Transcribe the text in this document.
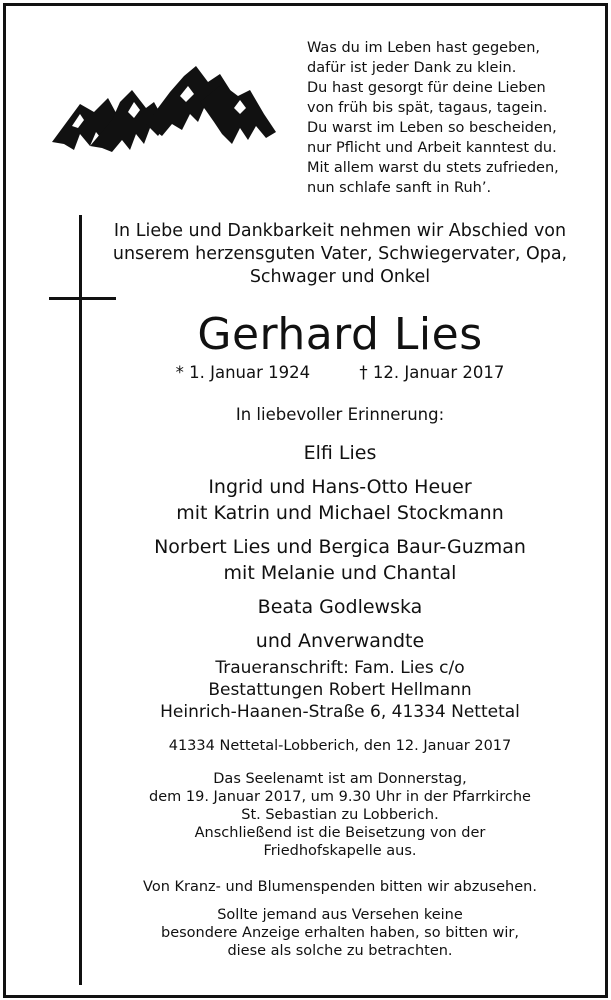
Was du im Leben hast gegeben,
dafür ist jeder Dank zu klein.
Du hast gesorgt für deine Lieben
von früh bis spät, tagaus, tagein.
Du warst im Leben so bescheiden,
nur Pflicht und Arbeit kanntest du.
Mit allem warst du stets zufrieden,
nun schlafe sanft in Ruh’.
In Liebe und Dankbarkeit nehmen wir Abschied von
unserem herzensguten Vater, Schwiegervater, Opa,
Schwager und Onkel
Gerhard Lies
* 1. Januar 1924	† 12. Januar 2017
In liebevoller Erinnerung:
Elfi Lies
Ingrid und Hans-Otto Heuer
mit Katrin und Michael Stockmann
Norbert Lies und Bergica Baur-Guzman
mit Melanie und Chantal
Beata Godlewska
und Anverwandte
Traueranschrift: Fam. Lies c/o
Bestattungen Robert Hellmann
Heinrich-Haanen-Straße 6, 41334 Nettetal
41334 Nettetal-Lobberich, den 12. Januar 2017
Das Seelenamt ist am Donnerstag,
dem 19. Januar 2017, um 9.30 Uhr in der Pfarrkirche
St. Sebastian zu Lobberich.
Anschließend ist die Beisetzung von der
Friedhofskapelle aus.
Von Kranz- und Blumenspenden bitten wir abzusehen.
Sollte jemand aus Versehen keine
besondere Anzeige erhalten haben, so bitten wir,
diese als solche zu betrachten.
